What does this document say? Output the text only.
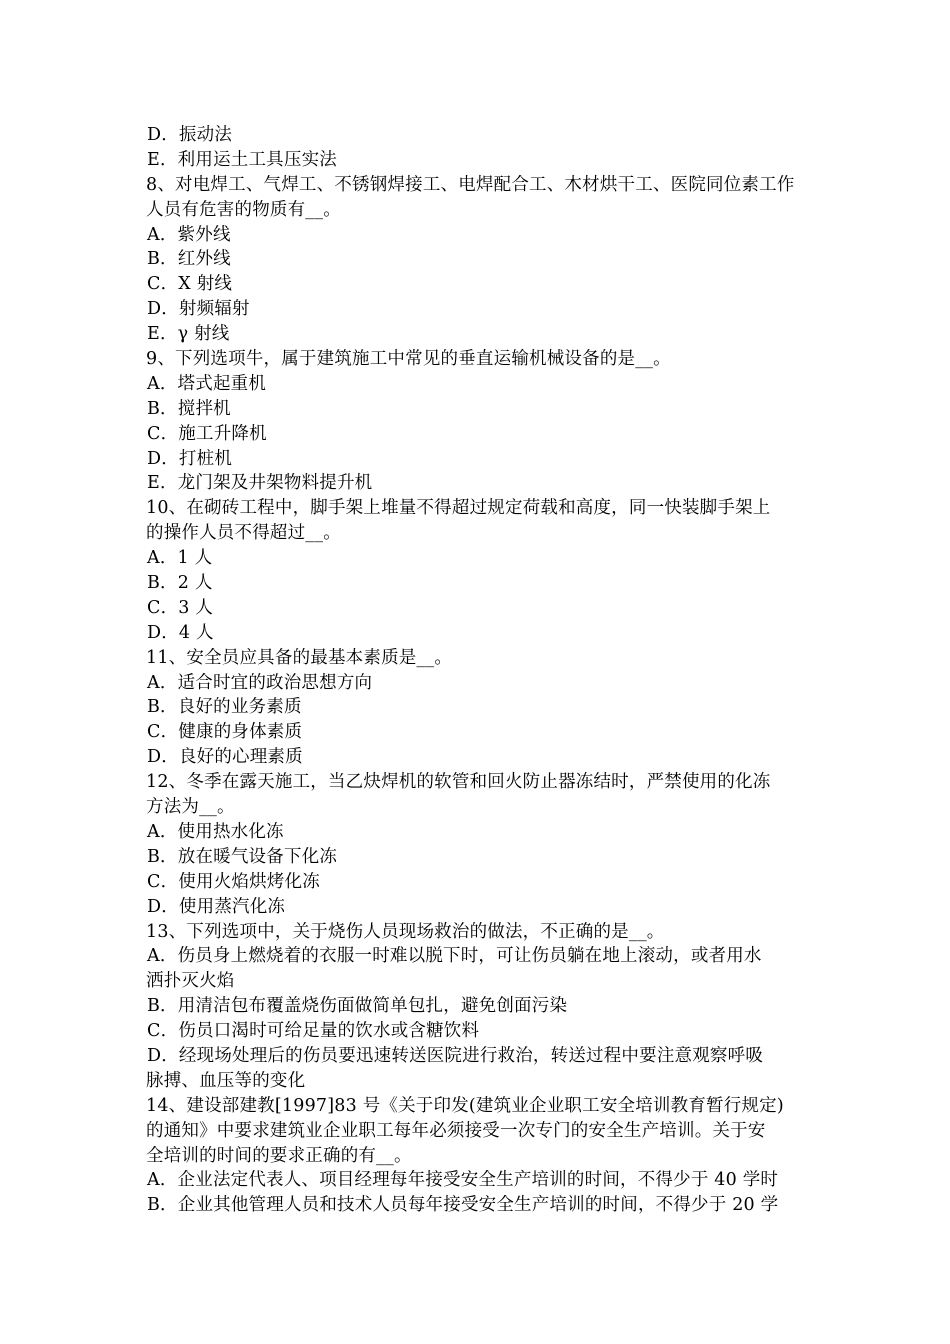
D．振动法
E．利用运土工具压实法
8、对电焊工、气焊工、不锈钢焊接工、电焊配合工、木材烘干工、医院同位素工作
人员有危害的物质有__。
A．紫外线
B．红外线
C．X 射线
D．射频辐射
E．γ 射线
9、下列选项牛，属于建筑施工中常见的垂直运输机械设备的是__。
A．塔式起重机
B．搅拌机
C．施工升降机
D．打桩机
E．龙门架及井架物料提升机
10、在砌砖工程中，脚手架上堆量不得超过规定荷载和高度，同一快装脚手架上
的操作人员不得超过__。
A．1 人
B．2 人
C．3 人
D．4 人
11、安全员应具备的最基本素质是__。
A．适合时宜的政治思想方向
B．良好的业务素质
C．健康的身体素质
D．良好的心理素质
12、冬季在露天施工，当乙炔焊机的软管和回火防止器冻结时，严禁使用的化冻
方法为__。
A．使用热水化冻
B．放在暖气设备下化冻
C．使用火焰烘烤化冻
D．使用蒸汽化冻
13、下列选项中，关于烧伤人员现场救治的做法，不正确的是__。
A．伤员身上燃烧着的衣服一时难以脱下时，可让伤员躺在地上滚动，或者用水
洒扑灭火焰
B．用清洁包布覆盖烧伤面做简单包扎，避免创面污染
C．伤员口渴时可给足量的饮水或含糖饮料
D．经现场处理后的伤员要迅速转送医院进行救治，转送过程中要注意观察呼吸
脉搏、血压等的变化
14、建设部建教[1997]83 号《关于印发(建筑业企业职工安全培训教育暂行规定)
的通知》中要求建筑业企业职工每年必须接受一次专门的安全生产培训。关于安
全培训的时间的要求正确的有__。
A．企业法定代表人、项目经理每年接受安全生产培训的时间，不得少于 40 学时
B．企业其他管理人员和技术人员每年接受安全生产培训的时间，不得少于 20 学
